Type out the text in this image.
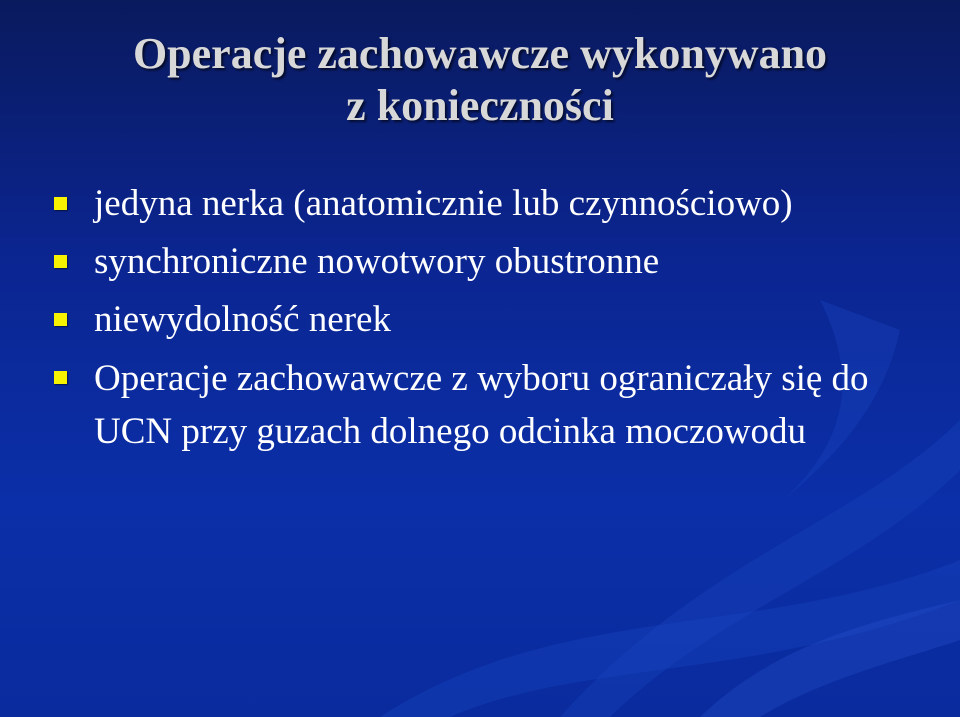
Operacje zachowawcze wykonywano
z konieczności
jedyna nerka (anatomicznie lub czynnościowo)
synchroniczne nowotwory obustronne
niewydolność nerek
Operacje zachowawcze z wyboru ograniczały się do UCN przy guzach dolnego odcinka moczowodu
